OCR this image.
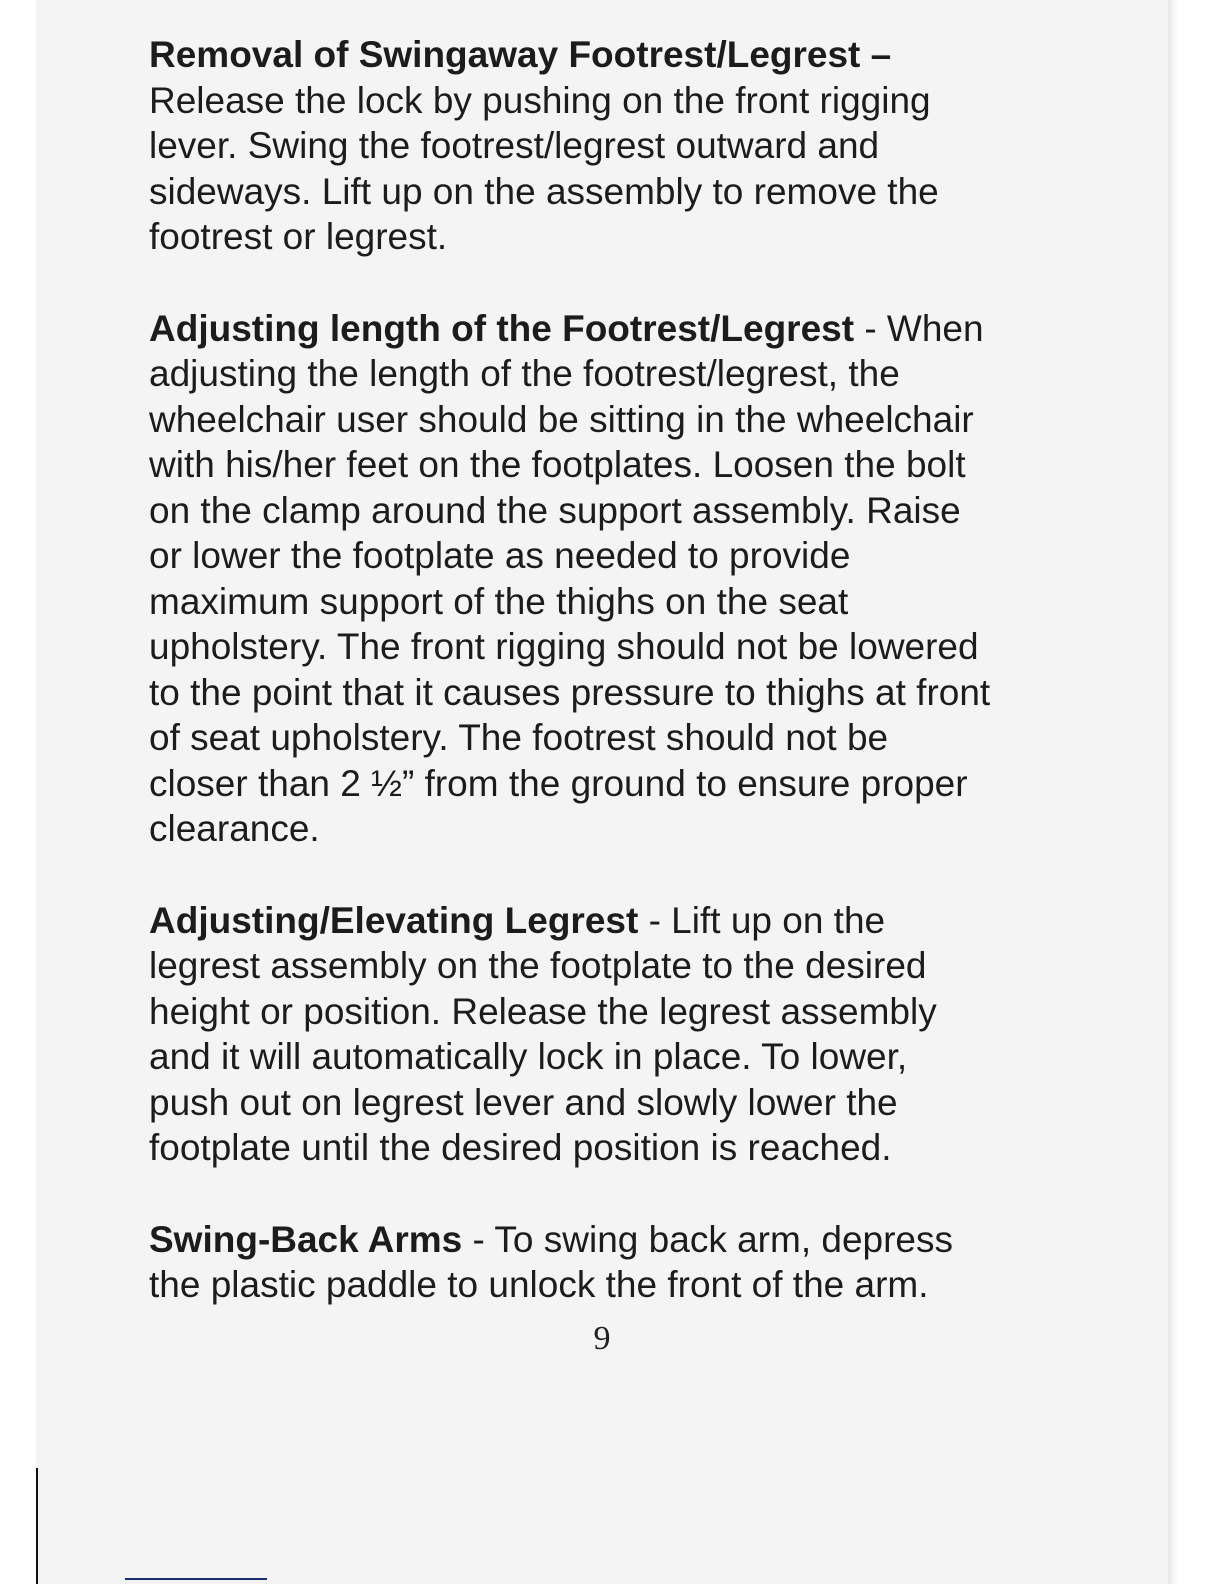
Removal of Swingaway Footrest/Legrest –

Release the lock by pushing on the front rigging

lever. Swing the footrest/legrest outward and

sideways. Lift up on the assembly to remove the

footrest or legrest.

Adjusting length of the Footrest/Legrest - When

adjusting the length of the footrest/legrest, the

wheelchair user should be sitting in the wheelchair

with his/her feet on the footplates. Loosen the bolt

on the clamp around the support assembly. Raise

or lower the footplate as needed to provide

maximum support of the thighs on the seat

upholstery. The front rigging should not be lowered

to the point that it causes pressure to thighs at front

of seat upholstery. The footrest should not be

closer than 2 ½” from the ground to ensure proper

clearance.

Adjusting/Elevating Legrest - Lift up on the

legrest assembly on the footplate to the desired

height or position. Release the legrest assembly

and it will automatically lock in place. To lower,

push out on legrest lever and slowly lower the

footplate until the desired position is reached.

Swing-Back Arms - To swing back arm, depress

the plastic paddle to unlock the front of the arm.

9
